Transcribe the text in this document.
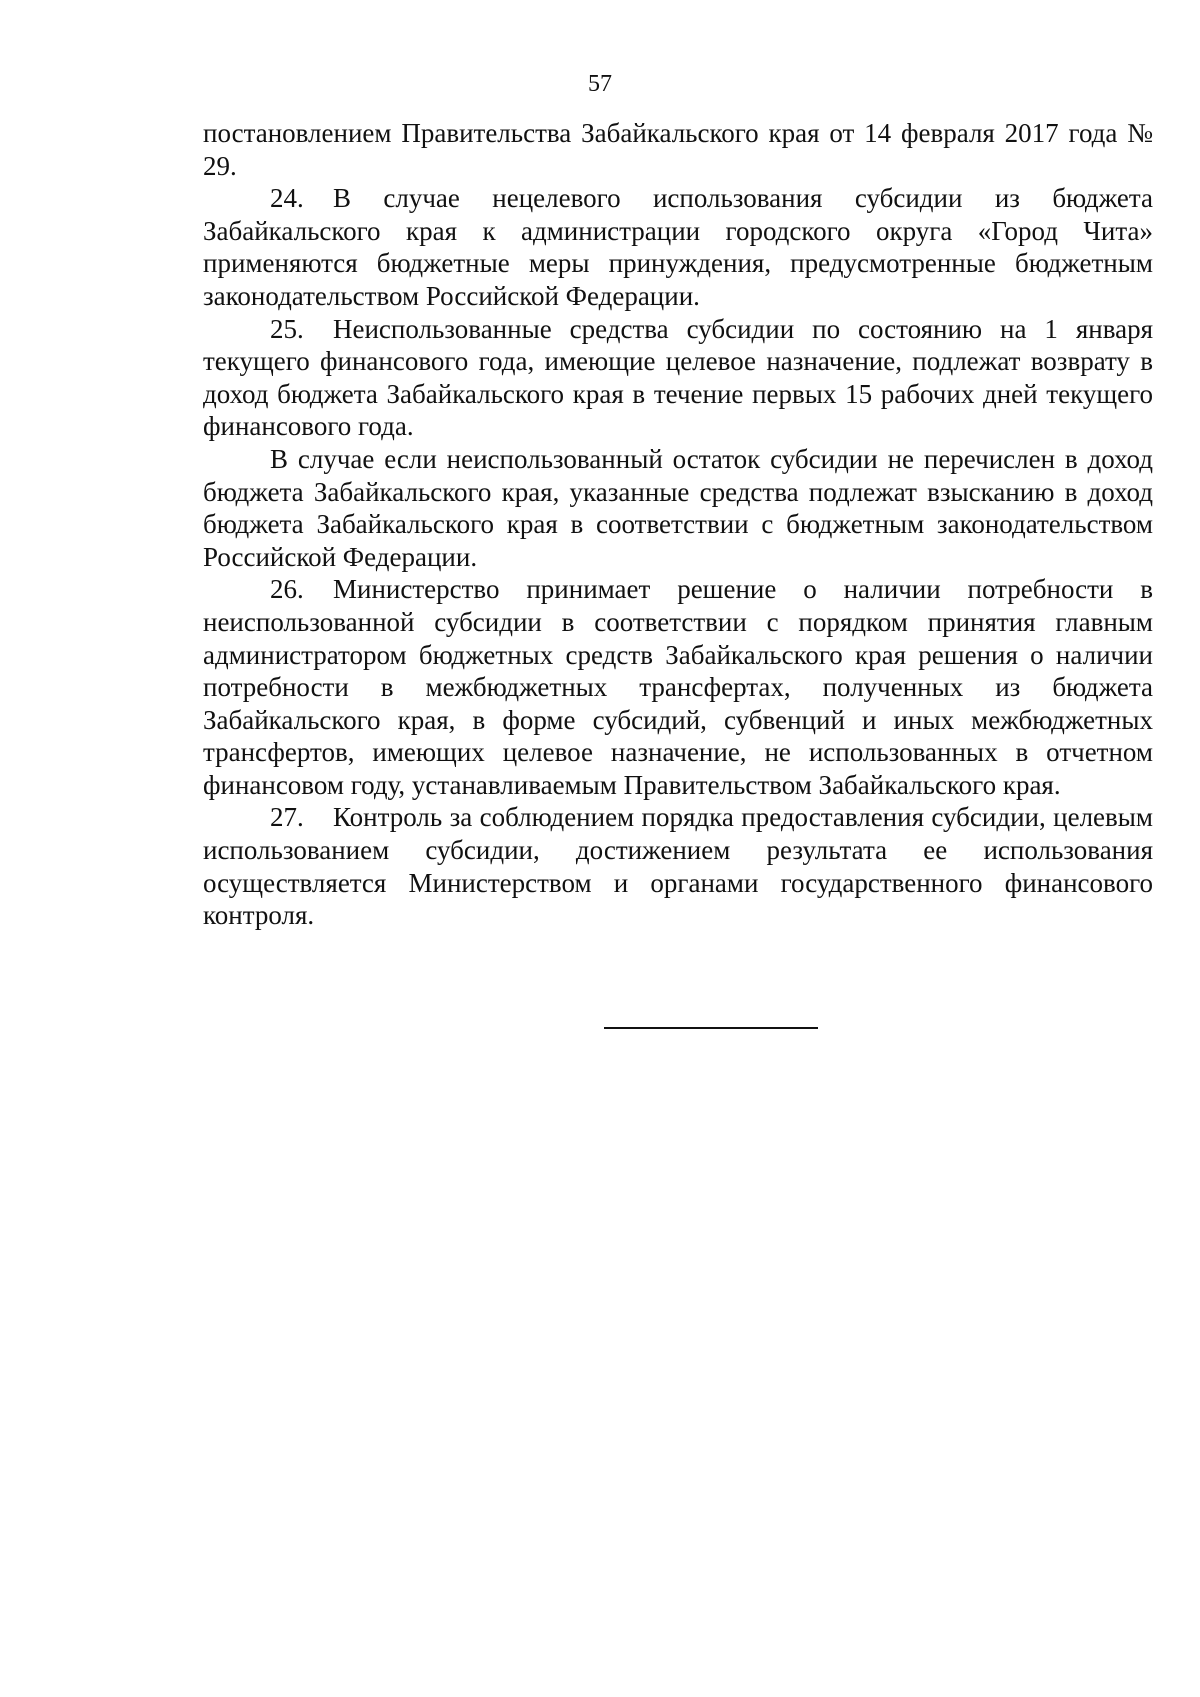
57

постановлением Правительства Забайкальского края от 14 февраля 2017 года № 29.

24. В случае нецелевого использования субсидии из бюджета Забайкальского края к администрации городского округа «Город Чита» применяются бюджетные меры принуждения, предусмотренные бюджетным законодательством Российской Федерации.

25. Неиспользованные средства субсидии по состоянию на 1 января текущего финансового года, имеющие целевое назначение, подлежат возврату в доход бюджета Забайкальского края в течение первых 15 рабочих дней текущего финансового года.

В случае если неиспользованный остаток субсидии не перечислен в доход бюджета Забайкальского края, указанные средства подлежат взысканию в доход бюджета Забайкальского края в соответствии с бюджетным законодательством Российской Федерации.

26. Министерство принимает решение о наличии потребности в неиспользованной субсидии в соответствии с порядком принятия главным администратором бюджетных средств Забайкальского края решения о наличии потребности в межбюджетных трансфертах, полученных из бюджета Забайкальского края, в форме субсидий, субвенций и иных межбюджетных трансфертов, имеющих целевое назначение, не использованных в отчетном финансовом году, устанавливаемым Правительством Забайкальского края.

27. Контроль за соблюдением порядка предоставления субсидии, целевым использованием субсидии, достижением результата ее использования осуществляется Министерством и органами государственного финансового контроля.
